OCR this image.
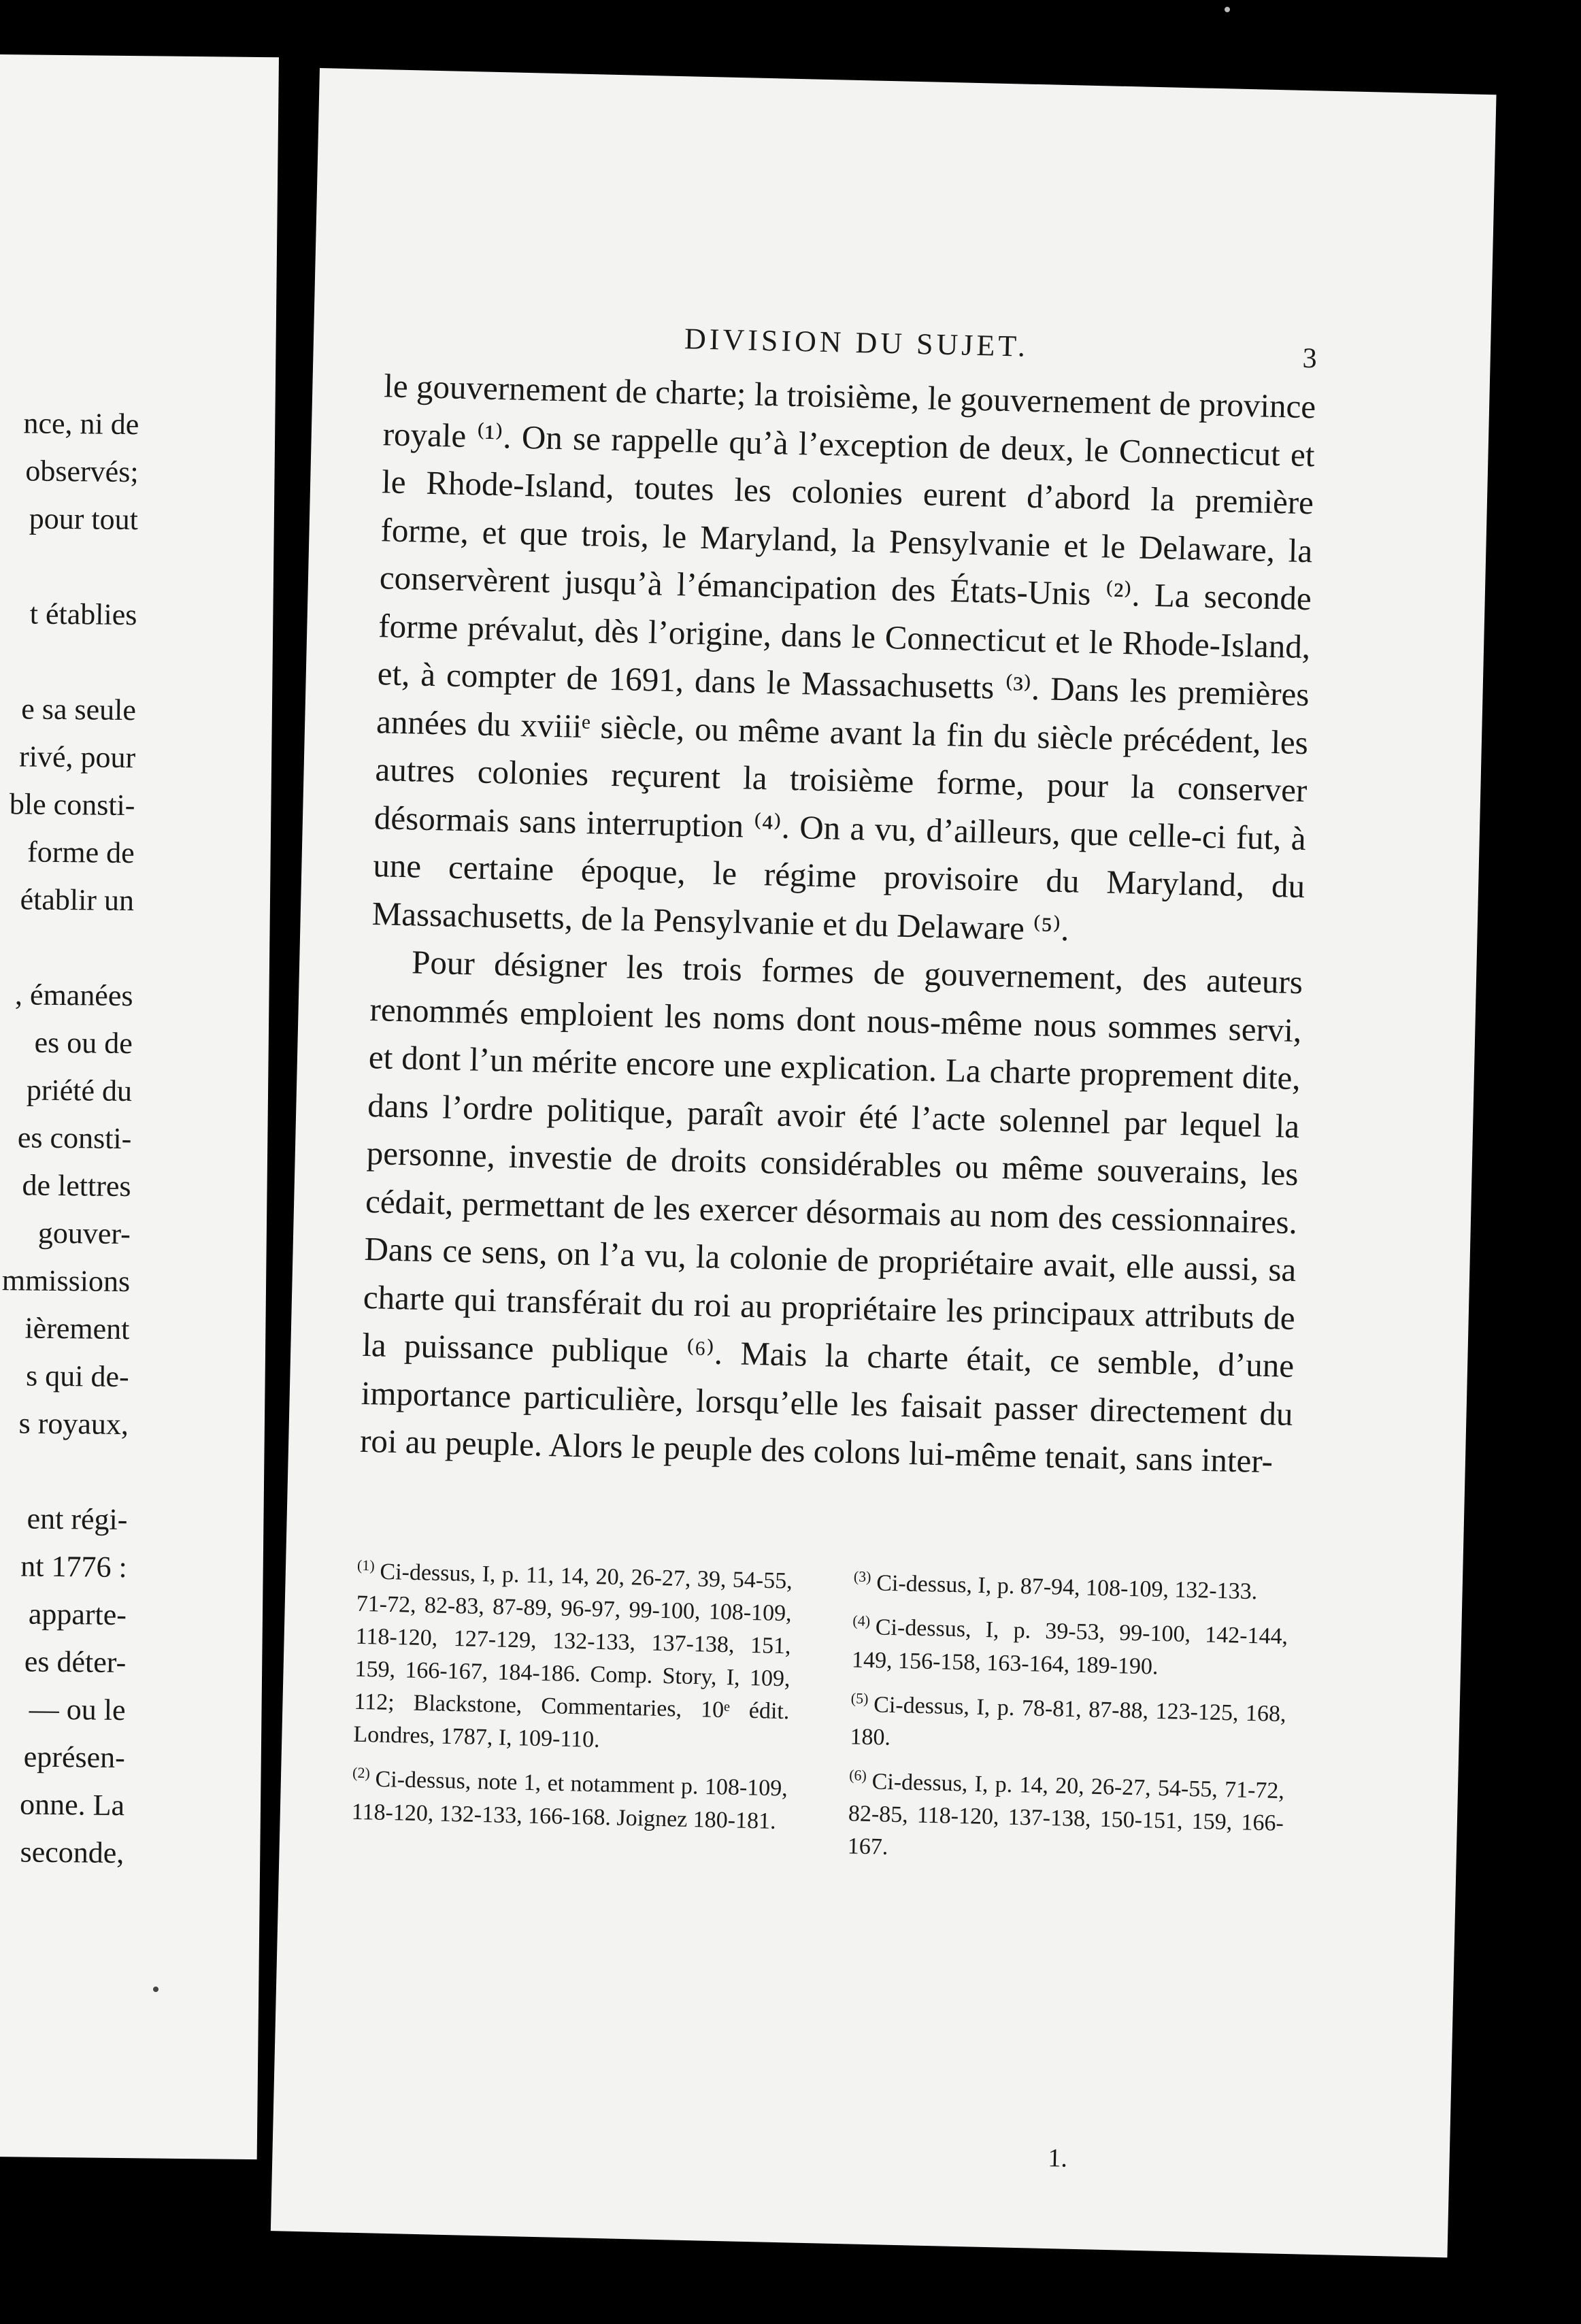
nce, ni de
observés;
pour tout
t établies
e sa seule
rivé, pour
ble consti-
forme de
établir un
, émanées
es ou de
priété du
es consti-
de lettres
gouver-
mmissions
ièrement
s qui de-
s royaux,
ent régi-
nt 1776 :
apparte-
es déter-
— ou le
eprésen-
onne. La
seconde,
DIVISION DU SUJET.	3

le gouvernement de charte; la troisième, le gouvernement de province royale ⁽¹⁾. On se rappelle qu’à l’exception de deux, le Connecticut et le Rhode-Island, toutes les colonies eurent d’abord la première forme, et que trois, le Maryland, la Pensylvanie et le Delaware, la conservèrent jusqu’à l’émancipation des États-Unis ⁽²⁾. La seconde forme prévalut, dès l’origine, dans le Connecticut et le Rhode-Island, et, à compter de 1691, dans le Massachusetts ⁽³⁾. Dans les premières années du xviiiᵉ siècle, ou même avant la fin du siècle précédent, les autres colonies reçurent la troisième forme, pour la conserver désormais sans interruption ⁽⁴⁾. On a vu, d’ailleurs, que celle-ci fut, à une certaine époque, le régime provisoire du Maryland, du Massachusetts, de la Pensylvanie et du Delaware ⁽⁵⁾.

Pour désigner les trois formes de gouvernement, des auteurs renommés emploient les noms dont nous-même nous sommes servi, et dont l’un mérite encore une explication. La charte proprement dite, dans l’ordre politique, paraît avoir été l’acte solennel par lequel la personne, investie de droits considérables ou même souverains, les cédait, permettant de les exercer désormais au nom des cessionnaires. Dans ce sens, on l’a vu, la colonie de propriétaire avait, elle aussi, sa charte qui transférait du roi au propriétaire les principaux attributs de la puissance publique ⁽⁶⁾. Mais la charte était, ce semble, d’une importance particulière, lorsqu’elle les faisait passer directement du roi au peuple. Alors le peuple des colons lui-même tenait, sans inter-

$^{(1)}$ Ci-dessus, I, p. 11, 14, 20, 26-27, 39, 54-55, 71-72, 82-83, 87-89, 96-97, 99-100, 108-109, 118-120, 127-129, 132-133, 137-138, 151, 159, 166-167, 184-186. Comp. Story, I, 109, 112; Blackstone, Commentaries, 10ᵉ édit. Londres, 1787, I, 109-110.

$^{(2)}$ Ci-dessus, note 1, et notamment p. 108-109, 118-120, 132-133, 166-168. Joignez 180-181.

$^{(3)}$ Ci-dessus, I, p. 87-94, 108-109, 132-133.

$^{(4)}$ Ci-dessus, I, p. 39-53, 99-100, 142-144, 149, 156-158, 163-164, 189-190.

$^{(5)}$ Ci-dessus, I, p. 78-81, 87-88, 123-125, 168, 180.

$^{(6)}$ Ci-dessus, I, p. 14, 20, 26-27, 54-55, 71-72, 82-85, 118-120, 137-138, 150-151, 159, 166-167.

1.
